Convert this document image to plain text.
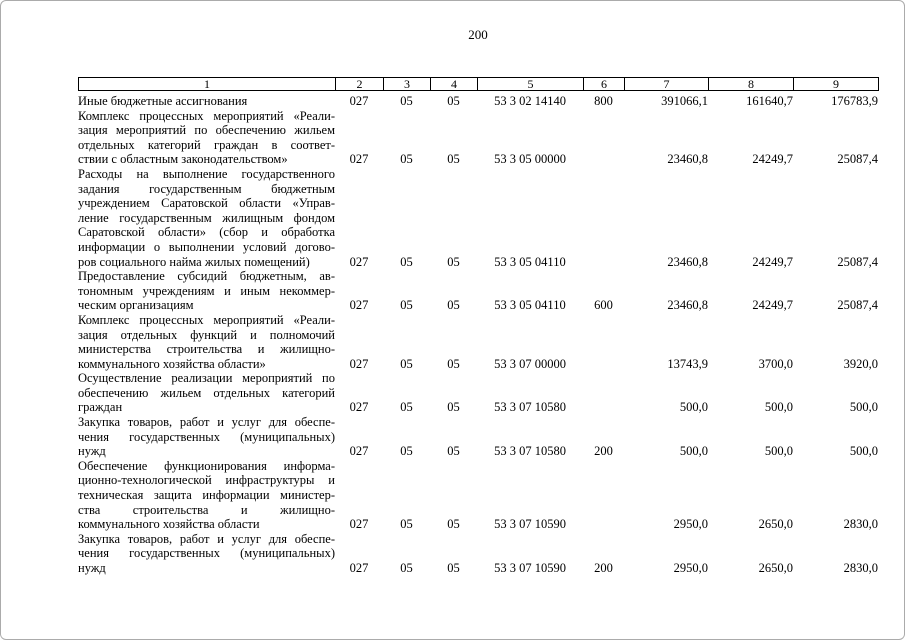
200
1	2	3	4	5	6	7	8	9
Иные бюджетные ассигнования	027	05	05	53 3 02 14140	800	391066,1	161640,7	176783,9

Комплекс процессных мероприятий «Реали-
зация мероприятий по обеспечению жильем
отдельных категорий граждан в соответ-
ствии с областным законодательством»	027	05	05	53 3 05 00000		23460,8	24249,7	25087,4

Расходы на выполнение государственного
задания государственным бюджетным
учреждением Саратовской области «Управ-
ление государственным жилищным фондом
Саратовской области» (сбор и обработка
информации о выполнении условий догово-
ров социального найма жилых помещений)	027	05	05	53 3 05 04110		23460,8	24249,7	25087,4

Предоставление субсидий бюджетным, ав-
тономным учреждениям и иным некоммер-
ческим организациям	027	05	05	53 3 05 04110	600	23460,8	24249,7	25087,4

Комплекс процессных мероприятий «Реали-
зация отдельных функций и полномочий
министерства строительства и жилищно-
коммунального хозяйства области»	027	05	05	53 3 07 00000		13743,9	3700,0	3920,0

Осуществление реализации мероприятий по
обеспечению жильем отдельных категорий
граждан	027	05	05	53 3 07 10580		500,0	500,0	500,0

Закупка товаров, работ и услуг для обеспе-
чения государственных (муниципальных)
нужд	027	05	05	53 3 07 10580	200	500,0	500,0	500,0

Обеспечение функционирования информа-
ционно-технологической инфраструктуры и
техническая защита информации министер-
ства строительства и жилищно-
коммунального хозяйства области	027	05	05	53 3 07 10590		2950,0	2650,0	2830,0

Закупка товаров, работ и услуг для обеспе-
чения государственных (муниципальных)
нужд	027	05	05	53 3 07 10590	200	2950,0	2650,0	2830,0
